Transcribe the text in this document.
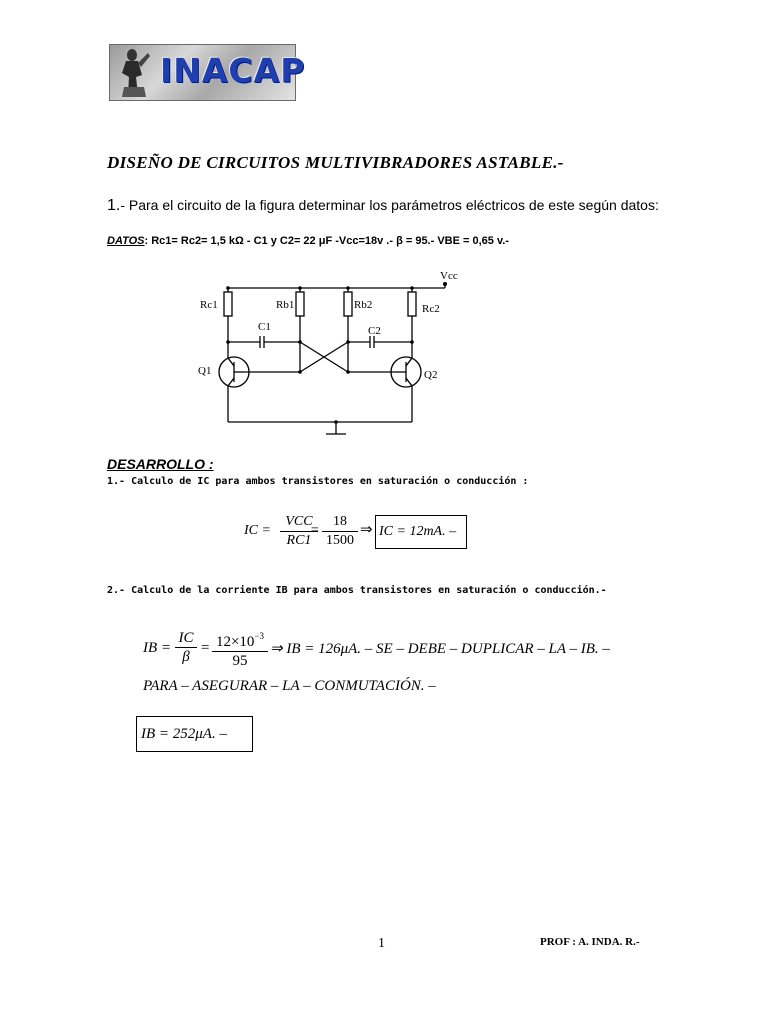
INACAP
DISEÑO DE CIRCUITOS MULTIVIBRADORES ASTABLE.-
1.- Para el circuito de la figura determinar los parámetros eléctricos de este según datos:
DATOS: Rc1= Rc2= 1,5 kΩ - C1 y C2= 22 μF -Vcc=18v .- β = 95.- VBE = 0,65 v.-
Vcc
Rc1	Rb1	Rb2	Rc2
C1	C2
Q1	Q2
DESARROLLO :
1.- Calculo de IC para ambos transistores en saturación o conducción :
IC =
VCC
RC1
=
18
1500
⇒ IC = 12mA. –
2.- Calculo de la corriente IB para ambos transistores en saturación o conducción.-
IB =
IC
β
= $12\times 10^{-3}$
95
⇒ IB = 126μA. – SE – DEBE – DUPLICAR – LA – IB. –
PARA – ASEGURAR – LA – CONMUTACIÓN. –
IB = 252μA. –
1	PROF : A. INDA. R.-
